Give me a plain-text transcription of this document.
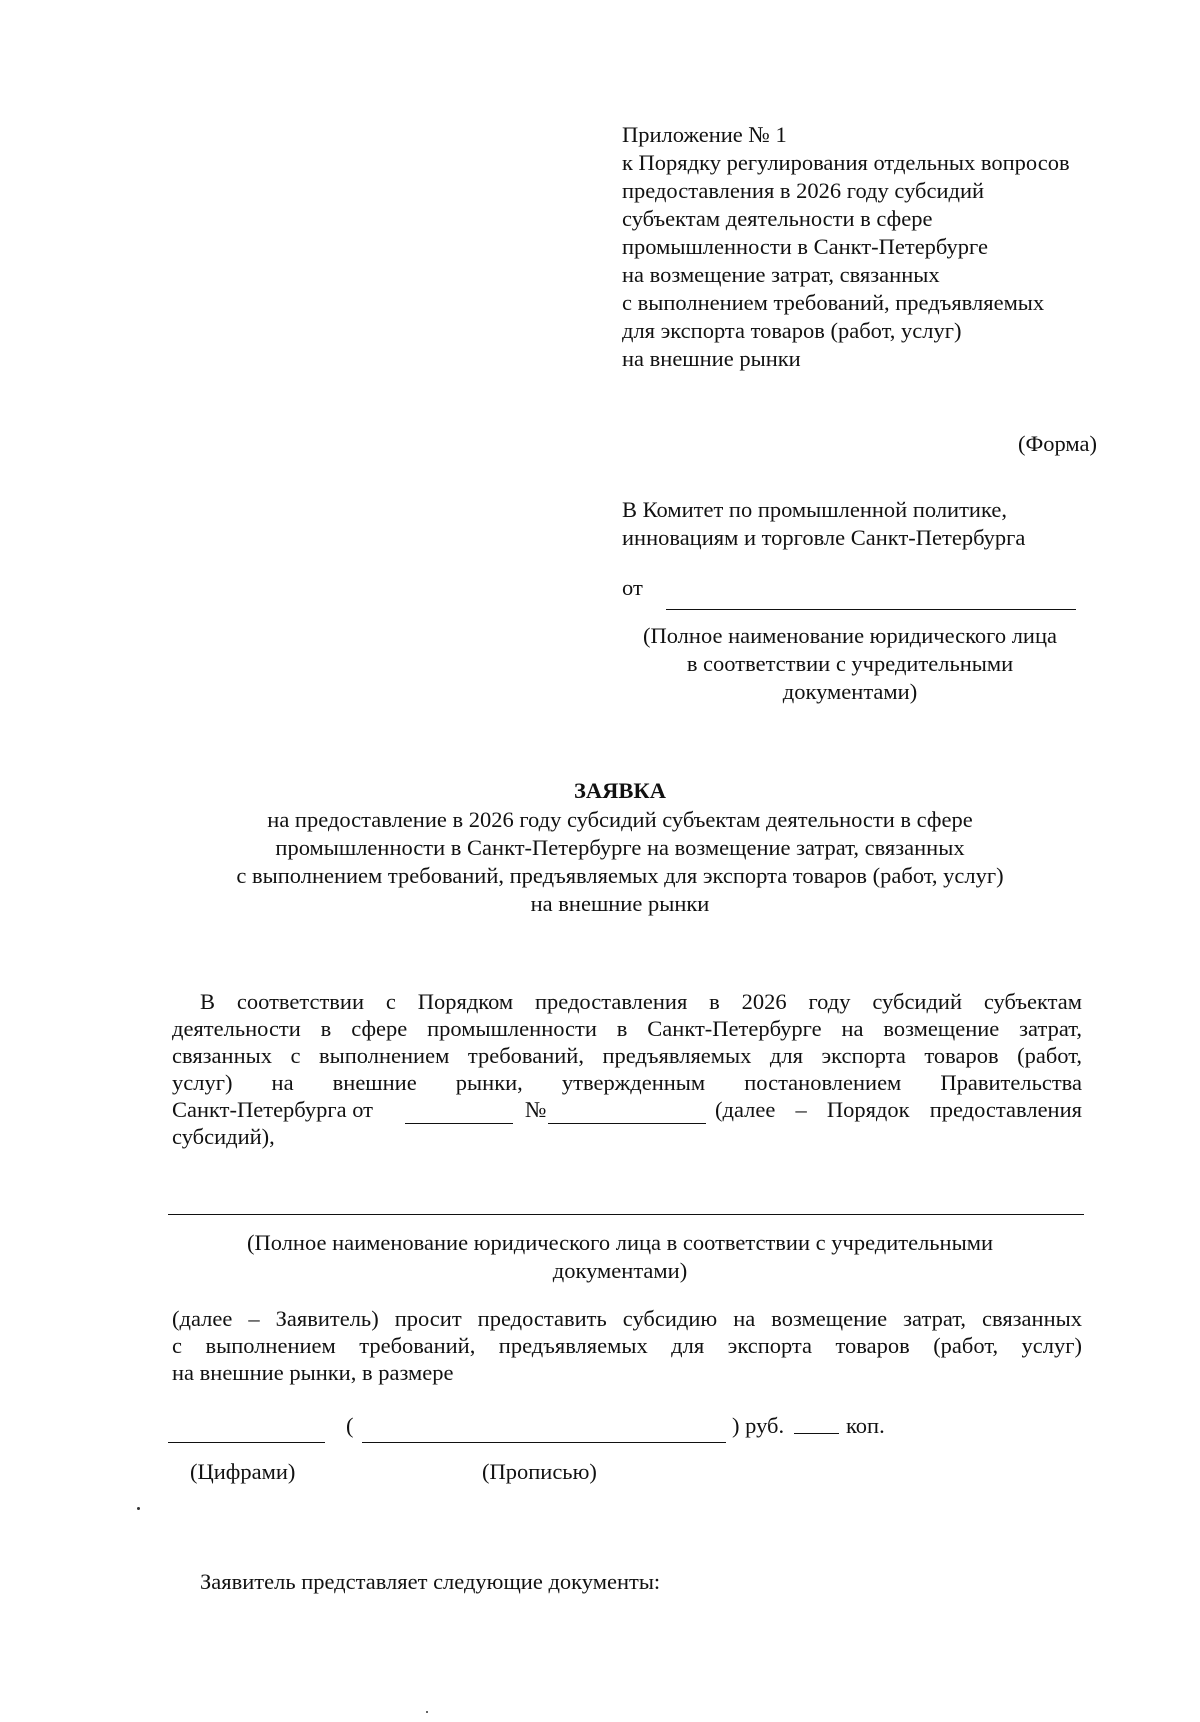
Приложение № 1
к Порядку регулирования отдельных вопросов
предоставления в 2026 году субсидий
субъектам деятельности в сфере
промышленности в Санкт-Петербурге
на возмещение затрат, связанных
с выполнением требований, предъявляемых
для экспорта товаров (работ, услуг)
на внешние рынки
(Форма)
В Комитет по промышленной политике,
инновациям и торговле Санкт-Петербурга
от
(Полное наименование юридического лица
в соответствии с учредительными
документами)
ЗАЯВКА
на предоставление в 2026 году субсидий субъектам деятельности в сфере
промышленности в Санкт-Петербурге на возмещение затрат, связанных
с выполнением требований, предъявляемых для экспорта товаров (работ, услуг)
на внешние рынки
В соответствии с Порядком предоставления в 2026 году субсидий субъектам
деятельности в сфере промышленности в Санкт-Петербурге на возмещение затрат,
связанных с выполнением требований, предъявляемых для экспорта товаров (работ,
услуг) на внешние рынки, утвержденным постановлением Правительства
Санкт-Петербурга от	№	(далее – Порядок предоставления
субсидий),
(Полное наименование юридического лица в соответствии с учредительными
документами)
(далее – Заявитель) просит предоставить субсидию на возмещение затрат, связанных
с выполнением требований, предъявляемых для экспорта товаров (работ, услуг)
на внешние рынки, в размере
(	) руб.	коп.
(Цифрами)	(Прописью)
Заявитель представляет следующие документы:
